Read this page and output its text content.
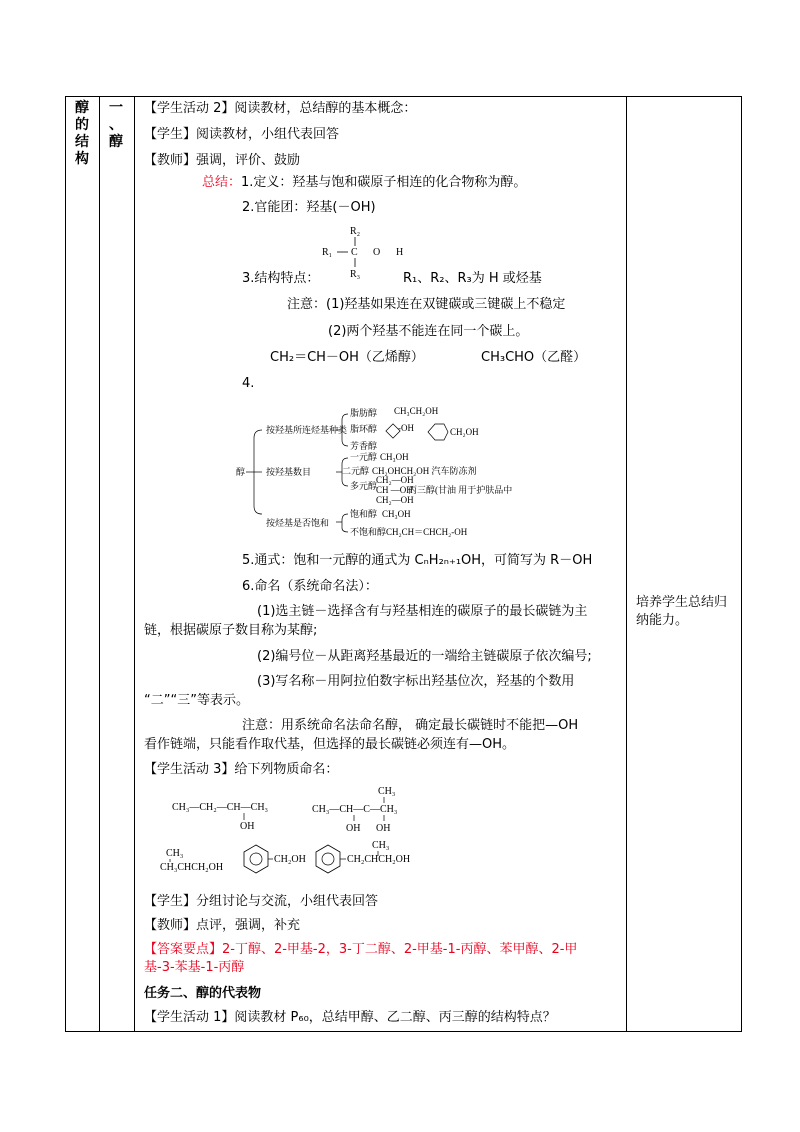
醇
的
结
构
一
、
醇
【学生活动 2】阅读教材，总结醇的基本概念：
【学生】阅读教材，小组代表回答
【教师】强调，评价、鼓励
总结：1.定义：羟基与饱和碳原子相连的化合物称为醇。
2.官能团：羟基(－OH)
R₂
R₁ C O H
R₃
3.结构特点：	R₁、R₂、R₃为 H 或烃基
注意：(1)羟基如果连在双键碳或三键碳上不稳定
(2)两个羟基不能连在同一个碳上。
CH₂＝CH－OH（乙烯醇）	CH₃CHO（乙醛）
4.
醇
按羟基所连烃基种类
脂肪醇 CH₃CH₂OH
脂环醇 -OH
芳香醇
CH₂OH
按羟基数目
一元醇 CH₃OH
二元醇 CH₂OHCH₂OH 汽车防冻剂
多元醇
CH₂—OH
CH —OH
CH₂—OH
丙三醇(甘油 用于护肤品中
按烃基是否饱和
饱和醇 CH₃OH
不饱和醇 CH₂CH＝CHCH₂-OH
5.通式：饱和一元醇的通式为 CₙH₂ₙ₊₁OH，可简写为 R－OH
6.命名（系统命名法）：
(1)选主链－选择含有与羟基相连的碳原子的最长碳链为主
链，根据碳原子数目称为某醇;
(2)编号位－从距离羟基最近的一端给主链碳原子依次编号;
(3)写名称－用阿拉伯数字标出羟基位次，羟基的个数用
“二”“三”等表示。
注意：用系统命名法命名醇， 确定最长碳链时不能把—OH
看作链端，只能看作取代基，但选择的最长碳链必须连有—OH。
【学生活动 3】给下列物质命名：
CH₃—CH₂—CH—CH₃
OH
CH₃
CH₃—CH—C—CH₃
OH OH
CH₃
CH₃CHCH₂OH
CH₂OH
CH₃
CH₂CHCH₂OH
【学生】分组讨论与交流，小组代表回答
【教师】点评，强调，补充
【答案要点】2-丁醇、2-甲基-2，3-丁二醇、2-甲基-1-丙醇、苯甲醇、2-甲
基-3-苯基-1-丙醇
任务二、醇的代表物
【学生活动 1】阅读教材 P₆₀，总结甲醇、乙二醇、丙三醇的结构特点？
培养学生总结归纳能力。
